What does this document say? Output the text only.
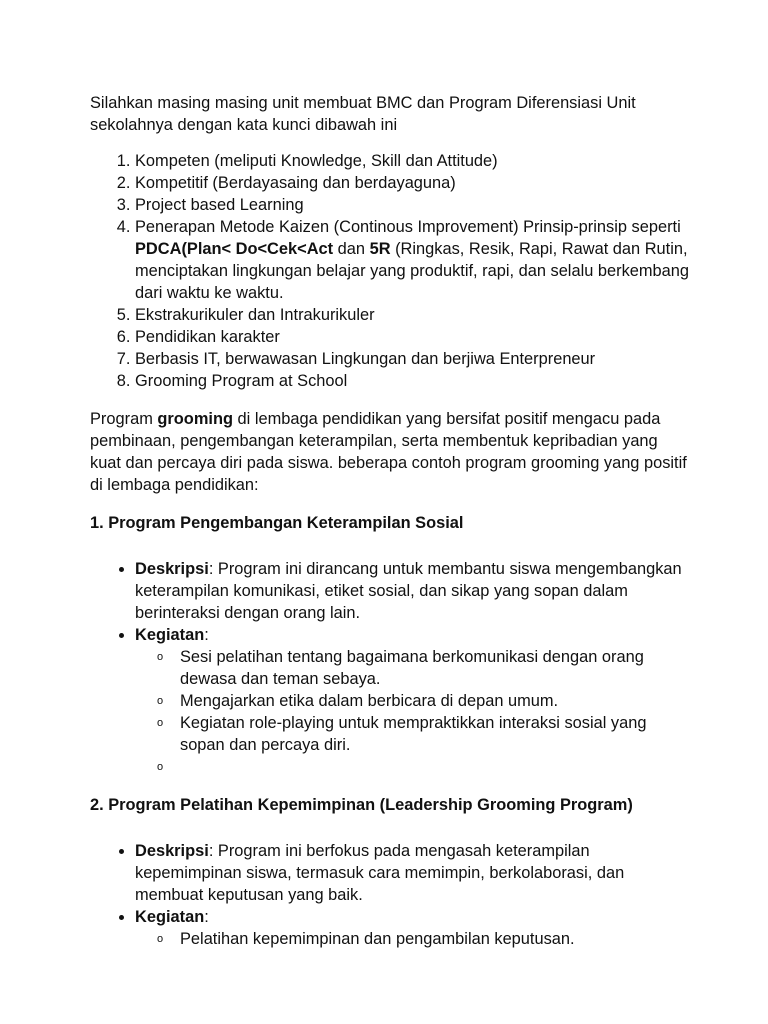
Silahkan masing masing unit membuat BMC dan Program Diferensiasi Unit sekolahnya dengan kata kunci dibawah ini

1. Kompeten (meliputi Knowledge, Skill dan Attitude)
2. Kompetitif (Berdayasaing dan berdayaguna)
3. Project based Learning
4. Penerapan Metode Kaizen (Continous Improvement) Prinsip-prinsip seperti PDCA(Plan< Do<Cek<Act dan 5R (Ringkas, Resik, Rapi, Rawat dan Rutin, menciptakan lingkungan belajar yang produktif, rapi, dan selalu berkembang dari waktu ke waktu.
5. Ekstrakurikuler dan Intrakurikuler
6. Pendidikan karakter
7. Berbasis IT, berwawasan Lingkungan dan berjiwa Enterpreneur
8. Grooming Program at School

Program grooming di lembaga pendidikan yang bersifat positif mengacu pada pembinaan, pengembangan keterampilan, serta membentuk kepribadian yang kuat dan percaya diri pada siswa. beberapa contoh program grooming yang positif di lembaga pendidikan:

1. Program Pengembangan Keterampilan Sosial
• Deskripsi: Program ini dirancang untuk membantu siswa mengembangkan keterampilan komunikasi, etiket sosial, dan sikap yang sopan dalam berinteraksi dengan orang lain.
• Kegiatan:
o Sesi pelatihan tentang bagaimana berkomunikasi dengan orang dewasa dan teman sebaya.
o Mengajarkan etika dalam berbicara di depan umum.
o Kegiatan role-playing untuk mempraktikkan interaksi sosial yang sopan dan percaya diri.
o
2. Program Pelatihan Kepemimpinan (Leadership Grooming Program)
• Deskripsi: Program ini berfokus pada mengasah keterampilan kepemimpinan siswa, termasuk cara memimpin, berkolaborasi, dan membuat keputusan yang baik.
• Kegiatan:
o Pelatihan kepemimpinan dan pengambilan keputusan.
